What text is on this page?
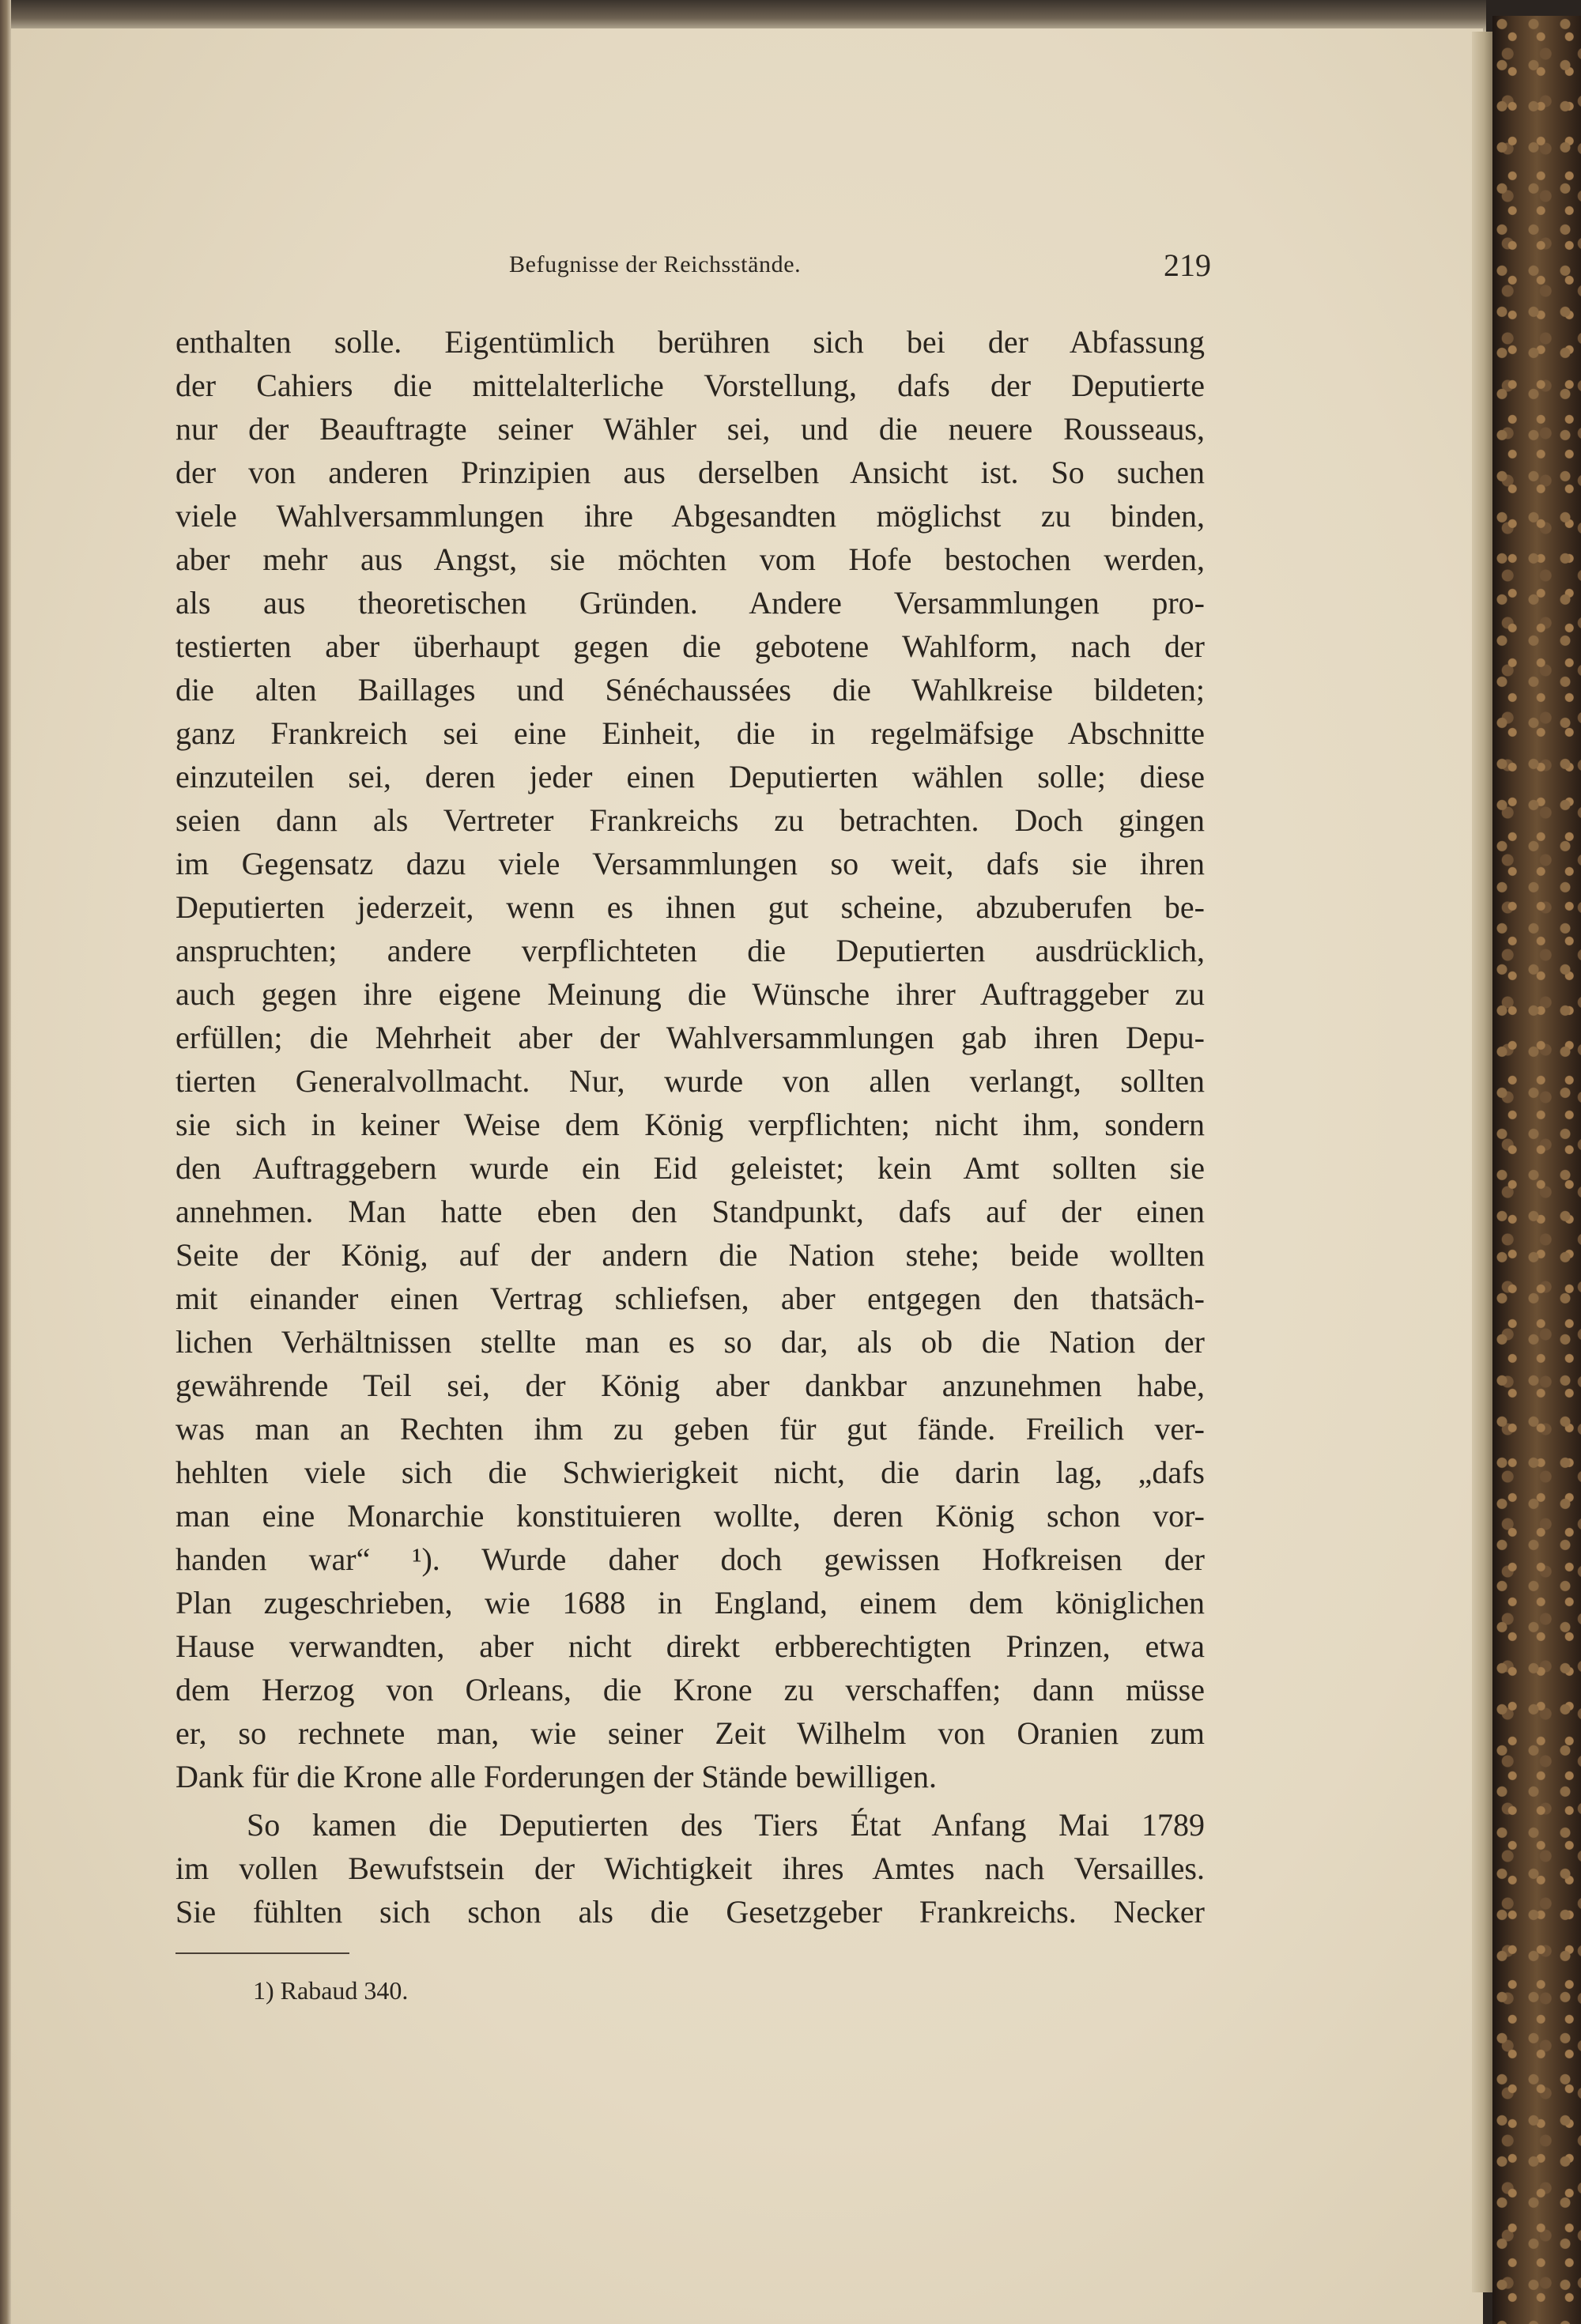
Befugnisse der Reichsstände.	219
enthalten solle. Eigentümlich berühren sich bei der Abfassung
der Cahiers die mittelalterliche Vorstellung, dafs der Deputierte
nur der Beauftragte seiner Wähler sei, und die neuere Rousseaus,
der von anderen Prinzipien aus derselben Ansicht ist. So suchen
viele Wahlversammlungen ihre Abgesandten möglichst zu binden,
aber mehr aus Angst, sie möchten vom Hofe bestochen werden,
als aus theoretischen Gründen. Andere Versammlungen pro-
testierten aber überhaupt gegen die gebotene Wahlform, nach der
die alten Baillages und Sénéchaussées die Wahlkreise bildeten;
ganz Frankreich sei eine Einheit, die in regelmäfsige Abschnitte
einzuteilen sei, deren jeder einen Deputierten wählen solle; diese
seien dann als Vertreter Frankreichs zu betrachten. Doch gingen
im Gegensatz dazu viele Versammlungen so weit, dafs sie ihren
Deputierten jederzeit, wenn es ihnen gut scheine, abzuberufen be-
anspruchten; andere verpflichteten die Deputierten ausdrücklich,
auch gegen ihre eigene Meinung die Wünsche ihrer Auftraggeber zu
erfüllen; die Mehrheit aber der Wahlversammlungen gab ihren Depu-
tierten Generalvollmacht. Nur, wurde von allen verlangt, sollten
sie sich in keiner Weise dem König verpflichten; nicht ihm, sondern
den Auftraggebern wurde ein Eid geleistet; kein Amt sollten sie
annehmen. Man hatte eben den Standpunkt, dafs auf der einen
Seite der König, auf der andern die Nation stehe; beide wollten
mit einander einen Vertrag schliefsen, aber entgegen den thatsäch-
lichen Verhältnissen stellte man es so dar, als ob die Nation der
gewährende Teil sei, der König aber dankbar anzunehmen habe,
was man an Rechten ihm zu geben für gut fände. Freilich ver-
hehlten viele sich die Schwierigkeit nicht, die darin lag, „dafs
man eine Monarchie konstituieren wollte, deren König schon vor-
handen war“ ¹). Wurde daher doch gewissen Hofkreisen der
Plan zugeschrieben, wie 1688 in England, einem dem königlichen
Hause verwandten, aber nicht direkt erbberechtigten Prinzen, etwa
dem Herzog von Orleans, die Krone zu verschaffen; dann müsse
er, so rechnete man, wie seiner Zeit Wilhelm von Oranien zum
Dank für die Krone alle Forderungen der Stände bewilligen.
So kamen die Deputierten des Tiers État Anfang Mai 1789
im vollen Bewufstsein der Wichtigkeit ihres Amtes nach Versailles.
Sie fühlten sich schon als die Gesetzgeber Frankreichs. Necker
1) Rabaud 340.
